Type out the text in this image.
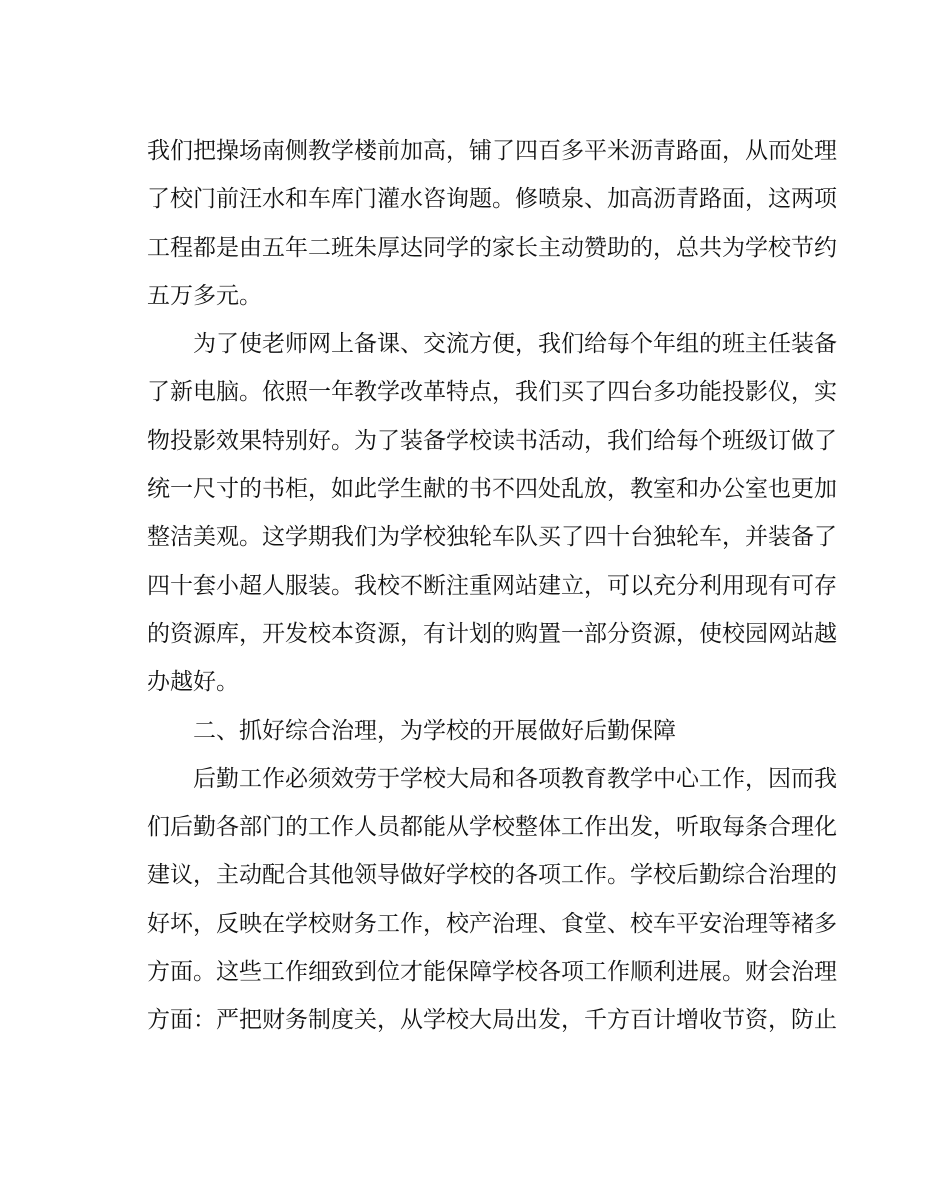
我们把操场南侧教学楼前加高，铺了四百多平米沥青路面，从而处理
了校门前汪水和车库门灌水咨询题。修喷泉、加高沥青路面，这两项
工程都是由五年二班朱厚达同学的家长主动赞助的，总共为学校节约
五万多元。
为了使老师网上备课、交流方便，我们给每个年组的班主任装备
了新电脑。依照一年教学改革特点，我们买了四台多功能投影仪，实
物投影效果特别好。为了装备学校读书活动，我们给每个班级订做了
统一尺寸的书柜，如此学生献的书不四处乱放，教室和办公室也更加
整洁美观。这学期我们为学校独轮车队买了四十台独轮车，并装备了
四十套小超人服装。我校不断注重网站建立，可以充分利用现有可存
的资源库，开发校本资源，有计划的购置一部分资源，使校园网站越
办越好。
二、抓好综合治理，为学校的开展做好后勤保障
后勤工作必须效劳于学校大局和各项教育教学中心工作，因而我
们后勤各部门的工作人员都能从学校整体工作出发，听取每条合理化
建议，主动配合其他领导做好学校的各项工作。学校后勤综合治理的
好坏，反映在学校财务工作，校产治理、食堂、校车平安治理等褚多
方面。这些工作细致到位才能保障学校各项工作顺利进展。财会治理
方面：严把财务制度关，从学校大局出发，千方百计增收节资，防止
